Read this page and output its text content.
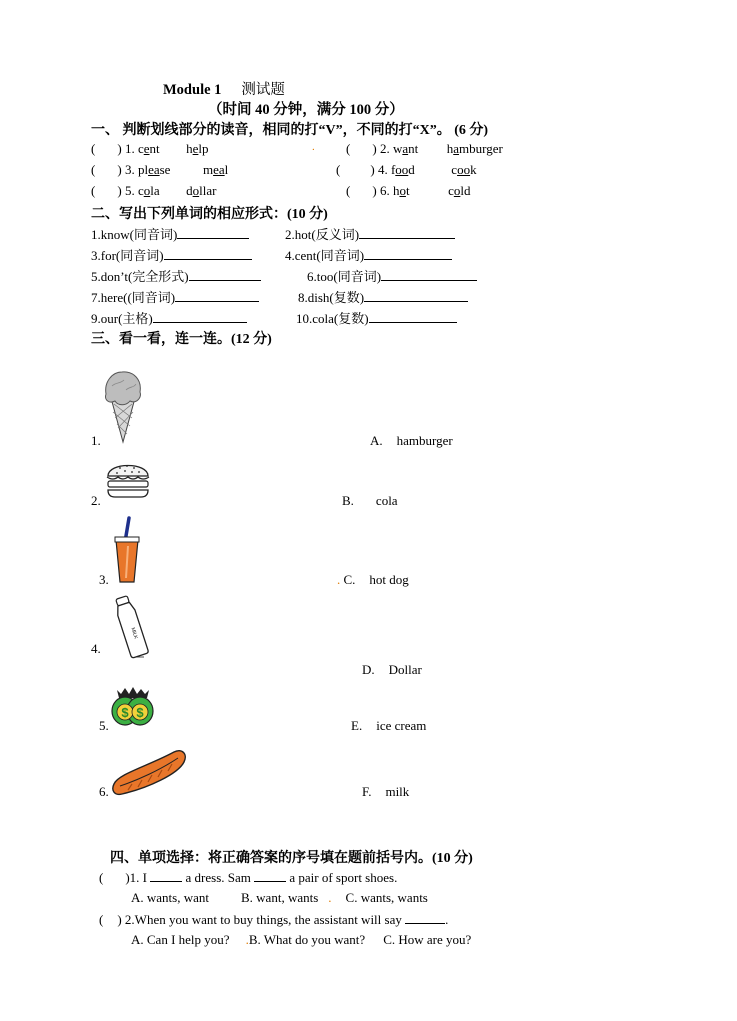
Module 1 测试题
（时间 40 分钟，满分 100 分）
一、 判断划线部分的读音，相同的打“V”，不同的打“X”。 (6 分)
( ) 1. cent help	( ) 2. want hamburger
( ) 3. please	meal	( ) 4. food	cook
( ) 5. cola dollar	( ) 6. hot	cold
.
二、写出下列单词的相应形式：(10 分)
1.know(同音词)	2.hot(反义词)
3.for(同音词)	4.cent(同音词)
5.don’t(完全形式)	6.too(同音词)
7.here((同音词)	8.dish(复数)
9.our(主格)	10.cola(复数)
三、看一看，连一连。(12 分)
1.
2.
3.
4.
5.
6.
A. hamburger
B. cola
. C. hot dog
D. Dollar
E. ice cream
F. milk
MILK
$ $
四、单项选择：将正确答案的序号填在题前括号内。(10 分)
( )1. I	a dress. Sam	a pair of sport shoes.
A. wants, want B. want, wants . C. wants, wants
( ) 2.When you want to buy things, the assistant will say	.
A. Can I help you? .B. What do you want? C. How are you?
